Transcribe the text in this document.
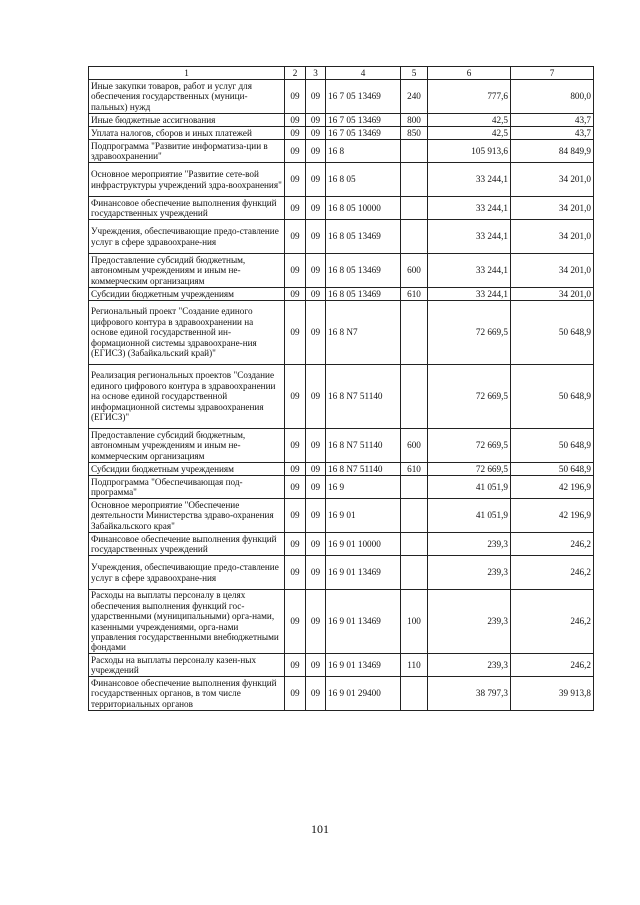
1	2	3	4	5	6	7
Иные закупки товаров, работ и услуг для обеспечения государственных (муници-пальных) нужд	09	09	16 7 05 13469	240	777,6	800,0
Иные бюджетные ассигнования	09	09	16 7 05 13469	800	42,5	43,7
Уплата налогов, сборов и иных платежей	09	09	16 7 05 13469	850	42,5	43,7
Подпрограмма "Развитие информатиза-ции в здравоохранении"	09	09	16 8		105 913,6	84 849,9
Основное мероприятие "Развитие сете-вой инфраструктуры учреждений здра-воохранения"	09	09	16 8 05		33 244,1	34 201,0
Финансовое обеспечение выполнения функций государственных учреждений	09	09	16 8 05 10000		33 244,1	34 201,0
Учреждения, обеспечивающие предо-ставление услуг в сфере здравоохране-ния	09	09	16 8 05 13469		33 244,1	34 201,0
Предоставление субсидий бюджетным, автономным учреждениям и иным не-коммерческим организациям	09	09	16 8 05 13469	600	33 244,1	34 201,0
Субсидии бюджетным учреждениям	09	09	16 8 05 13469	610	33 244,1	34 201,0
Региональный проект "Создание единого цифрового контура в здравоохранении на основе единой государственной ин-формационной системы здравоохране-ния (ЕГИСЗ) (Забайкальский край)"	09	09	16 8 N7		72 669,5	50 648,9
Реализация региональных проектов "Создание единого цифрового контура в здравоохранении на основе единой государственной информационной системы здравоохранения (ЕГИСЗ)"	09	09	16 8 N7 51140		72 669,5	50 648,9
Предоставление субсидий бюджетным, автономным учреждениям и иным не-коммерческим организациям	09	09	16 8 N7 51140	600	72 669,5	50 648,9
Субсидии бюджетным учреждениям	09	09	16 8 N7 51140	610	72 669,5	50 648,9
Подпрограмма "Обеспечивающая под-программа"	09	09	16 9		41 051,9	42 196,9
Основное мероприятие "Обеспечение деятельности Министерства здраво-охранения Забайкальского края"	09	09	16 9 01		41 051,9	42 196,9
Финансовое обеспечение выполнения функций государственных учреждений	09	09	16 9 01 10000		239,3	246,2
Учреждения, обеспечивающие предо-ставление услуг в сфере здравоохране-ния	09	09	16 9 01 13469		239,3	246,2
Расходы на выплаты персоналу в целях обеспечения выполнения функций гос-ударственными (муниципальными) орга-нами, казенными учреждениями, орга-нами управления государственными внебюджетными фондами	09	09	16 9 01 13469	100	239,3	246,2
Расходы на выплаты персоналу казен-ных учреждений	09	09	16 9 01 13469	110	239,3	246,2
Финансовое обеспечение выполнения функций государственных органов, в том числе территориальных органов	09	09	16 9 01 29400		38 797,3	39 913,8
101
